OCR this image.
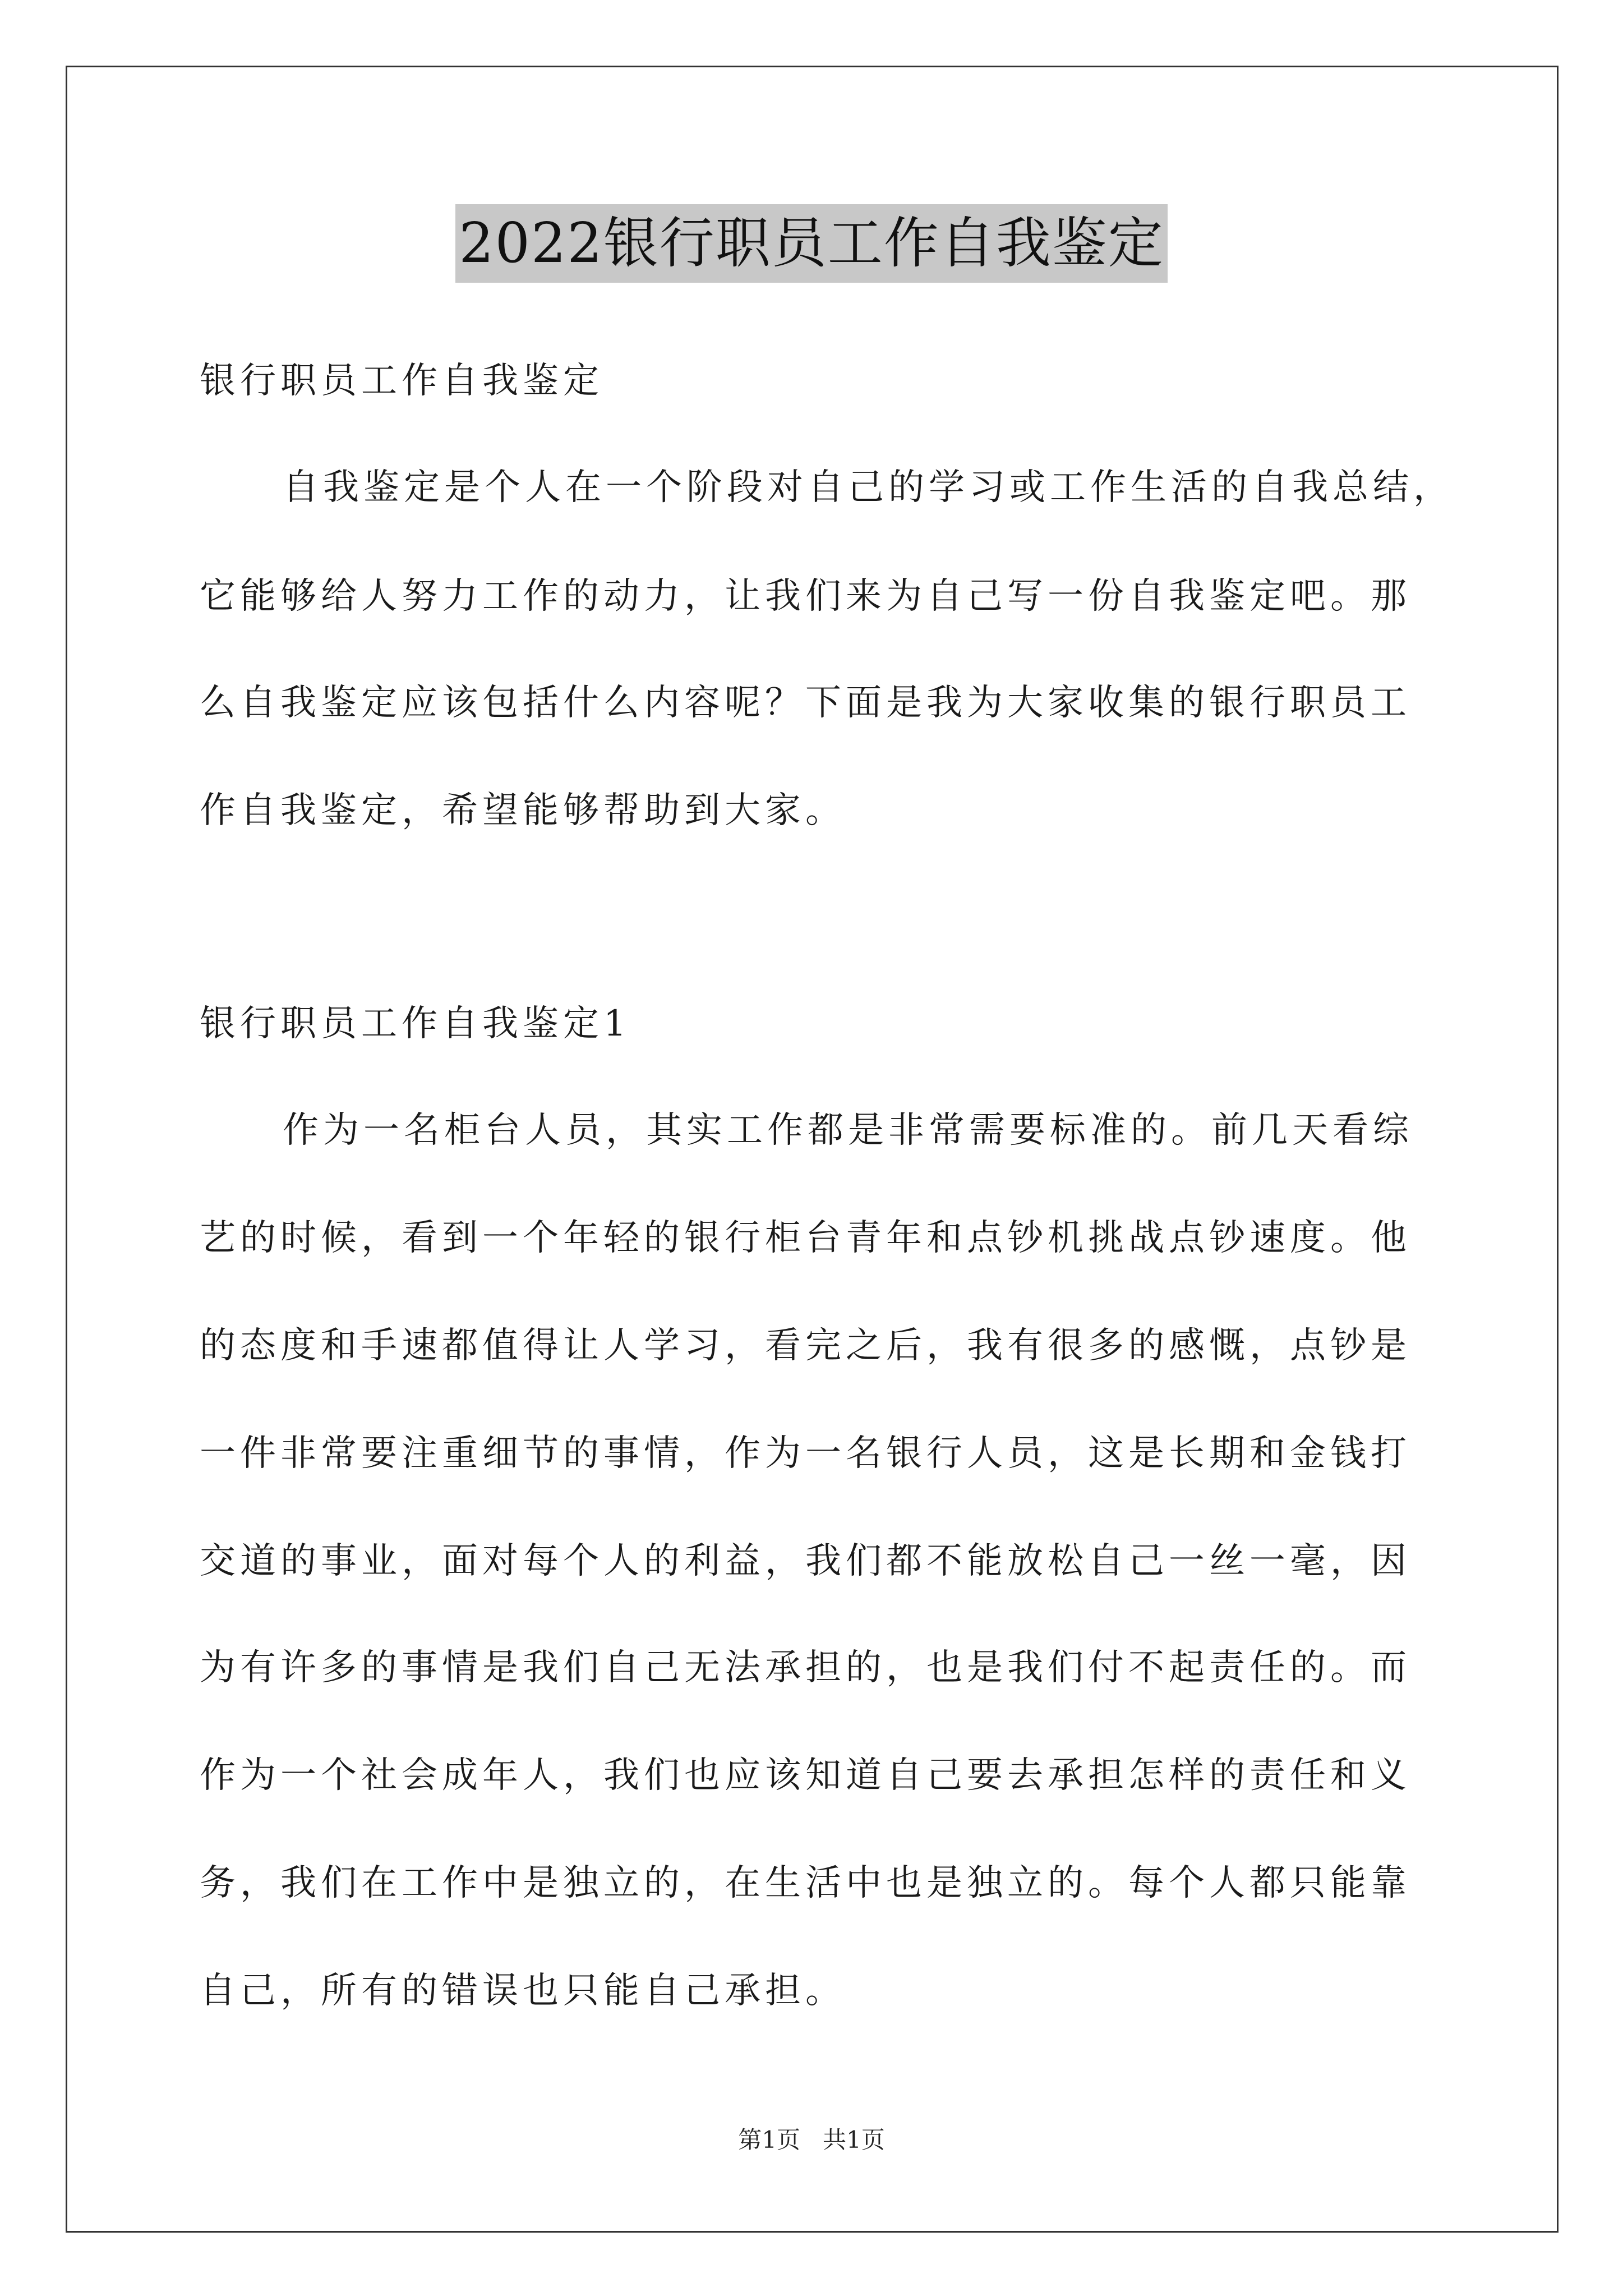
2022银行职员工作自我鉴定
银行职员工作自我鉴定
自我鉴定是个人在一个阶段对自己的学习或工作生活的自我总结，
它能够给人努力工作的动力，让我们来为自己写一份自我鉴定吧。那
么自我鉴定应该包括什么内容呢？下面是我为大家收集的银行职员工
作自我鉴定，希望能够帮助到大家。
银行职员工作自我鉴定1
作为一名柜台人员，其实工作都是非常需要标准的。前几天看综
艺的时候，看到一个年轻的银行柜台青年和点钞机挑战点钞速度。他
的态度和手速都值得让人学习，看完之后，我有很多的感慨，点钞是
一件非常要注重细节的事情，作为一名银行人员，这是长期和金钱打
交道的事业，面对每个人的利益，我们都不能放松自己一丝一毫，因
为有许多的事情是我们自己无法承担的，也是我们付不起责任的。而
作为一个社会成年人，我们也应该知道自己要去承担怎样的责任和义
务，我们在工作中是独立的，在生活中也是独立的。每个人都只能靠
自己，所有的错误也只能自己承担。
第1页   共1页
